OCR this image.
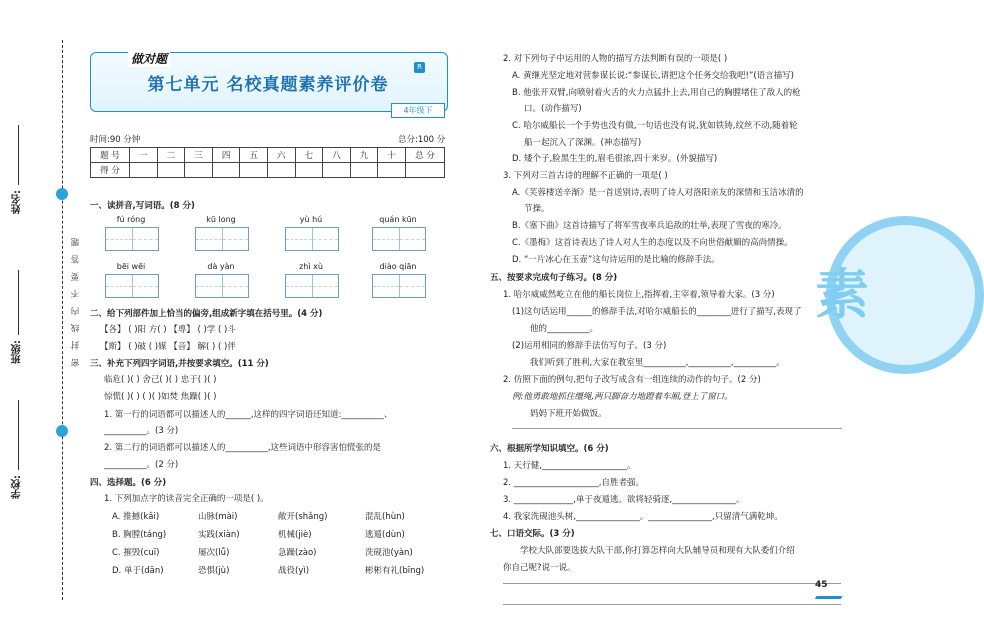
姓名:
班级:
学校:
密 封 线 内 不 要 答 题
做对题
第七单元 名校真题素养评价卷
R
4年级下
时间:90 分钟	总分:100 分
题 号	一	二	三	四	五	六	七	八	九	十	总 分
得 分											
一、读拼音,写词语。(8 分)
fú róng	kū long	yù hú	quán kūn
bēi wēi	dà yàn	zhì xù	diào qiān
二、给下列部件加上恰当的偏旁,组成新字填在括号里。(4 分)
【各】 ( )阳 方( ) 【尃】 ( )学 ( )斗
【斯】 ( )破 ( )媒 【音】 解( ) ( )伴
三、补充下列四字词语,并按要求填空。(11 分)
临危( )( ) 舍己( )( ) 忠于( )( )
惊慌( )( ) ( )( )如焚 焦躁( )( )
1. 第一行的词语都可以描述人的______,这样的四字词语还知道:__________、
__________。(3 分)
2. 第二行的词语都可以描述人的__________,这些词语中形容害怕慌张的是
__________。(2 分)
四、选择题。(6 分)
1. 下列加点字的读音完全正确的一项是( )。
A. 推撼(kǎi)	山脉(mài)	敞开(shǎng)	混乱(hùn)
B. 胸膛(táng)	实践(xiàn)	机械(jiè)	逃遁(dùn)
C. 摧毁(cuī)	屡次(lǚ)	急躁(zào)	洗砚池(yàn)
D. 单于(dān)	恐惧(jù)	战役(yì)	彬彬有礼(bīng)
2. 对下列句子中运用的人物的描写方法判断有误的一项是( )
A. 黄继光坚定地对营参谋长说:“参谋长,请把这个任务交给我吧!”(语言描写)
B. 他张开双臂,向喷射着火舌的火力点猛扑上去,用自己的胸膛堵住了敌人的枪
口。(动作描写)
C. 哈尔威船长一个手势也没有做,一句话也没有说,犹如铁铸,纹丝不动,随着轮
船一起沉入了深渊。(神态描写)
D. 矮个子,脸黑生生的,眉毛很浓,四十来岁。(外貌描写)
3. 下列对三首古诗的理解不正确的一项是( )
A.《芙蓉楼送辛渐》是一首送别诗,表明了诗人对洛阳亲友的深情和玉洁冰清的
节操。
B.《塞下曲》这首诗描写了将军雪夜率兵追敌的壮举,表现了雪夜的寒冷。
C.《墨梅》这首诗表达了诗人对人生的态度以及不向世俗献媚的高尚情操。
D. “一片冰心在玉壶”这句诗运用的是比喻的修辞手法。
五、按要求完成句子练习。(8 分)
1. 哈尔威威然屹立在他的船长岗位上,指挥着,主宰着,领导着大家。(3 分)
(1)这句话运用______的修辞手法,对哈尔威船长的________进行了描写,表现了
他的__________。
(2)运用相同的修辞手法仿写句子。(3 分)
我们听到了胜利,大家在教室里__________,__________,__________。
2. 仿照下面的例句,把句子改写成含有一组连续的动作的句子。(2 分)
例:他勇敢地抓住缰绳,两只脚奋力地蹬着车厢,登上了窗口。
妈妈下班开始做饭。
六、根据所学知识填空。(6 分)
1. 天行健,____________________。
2. ____________________,自胜者强。
3. ______________,单于夜遁逃。欲将轻骑逐,_______________。
4. 我家洗砚池头树,_______________。_______________,只留清气满乾坤。
七、口语交际。(3 分)
学校大队部要选拔大队干部,你打算怎样向大队辅导员和现有大队委们介绍
你自己呢?说一说。
素
45
